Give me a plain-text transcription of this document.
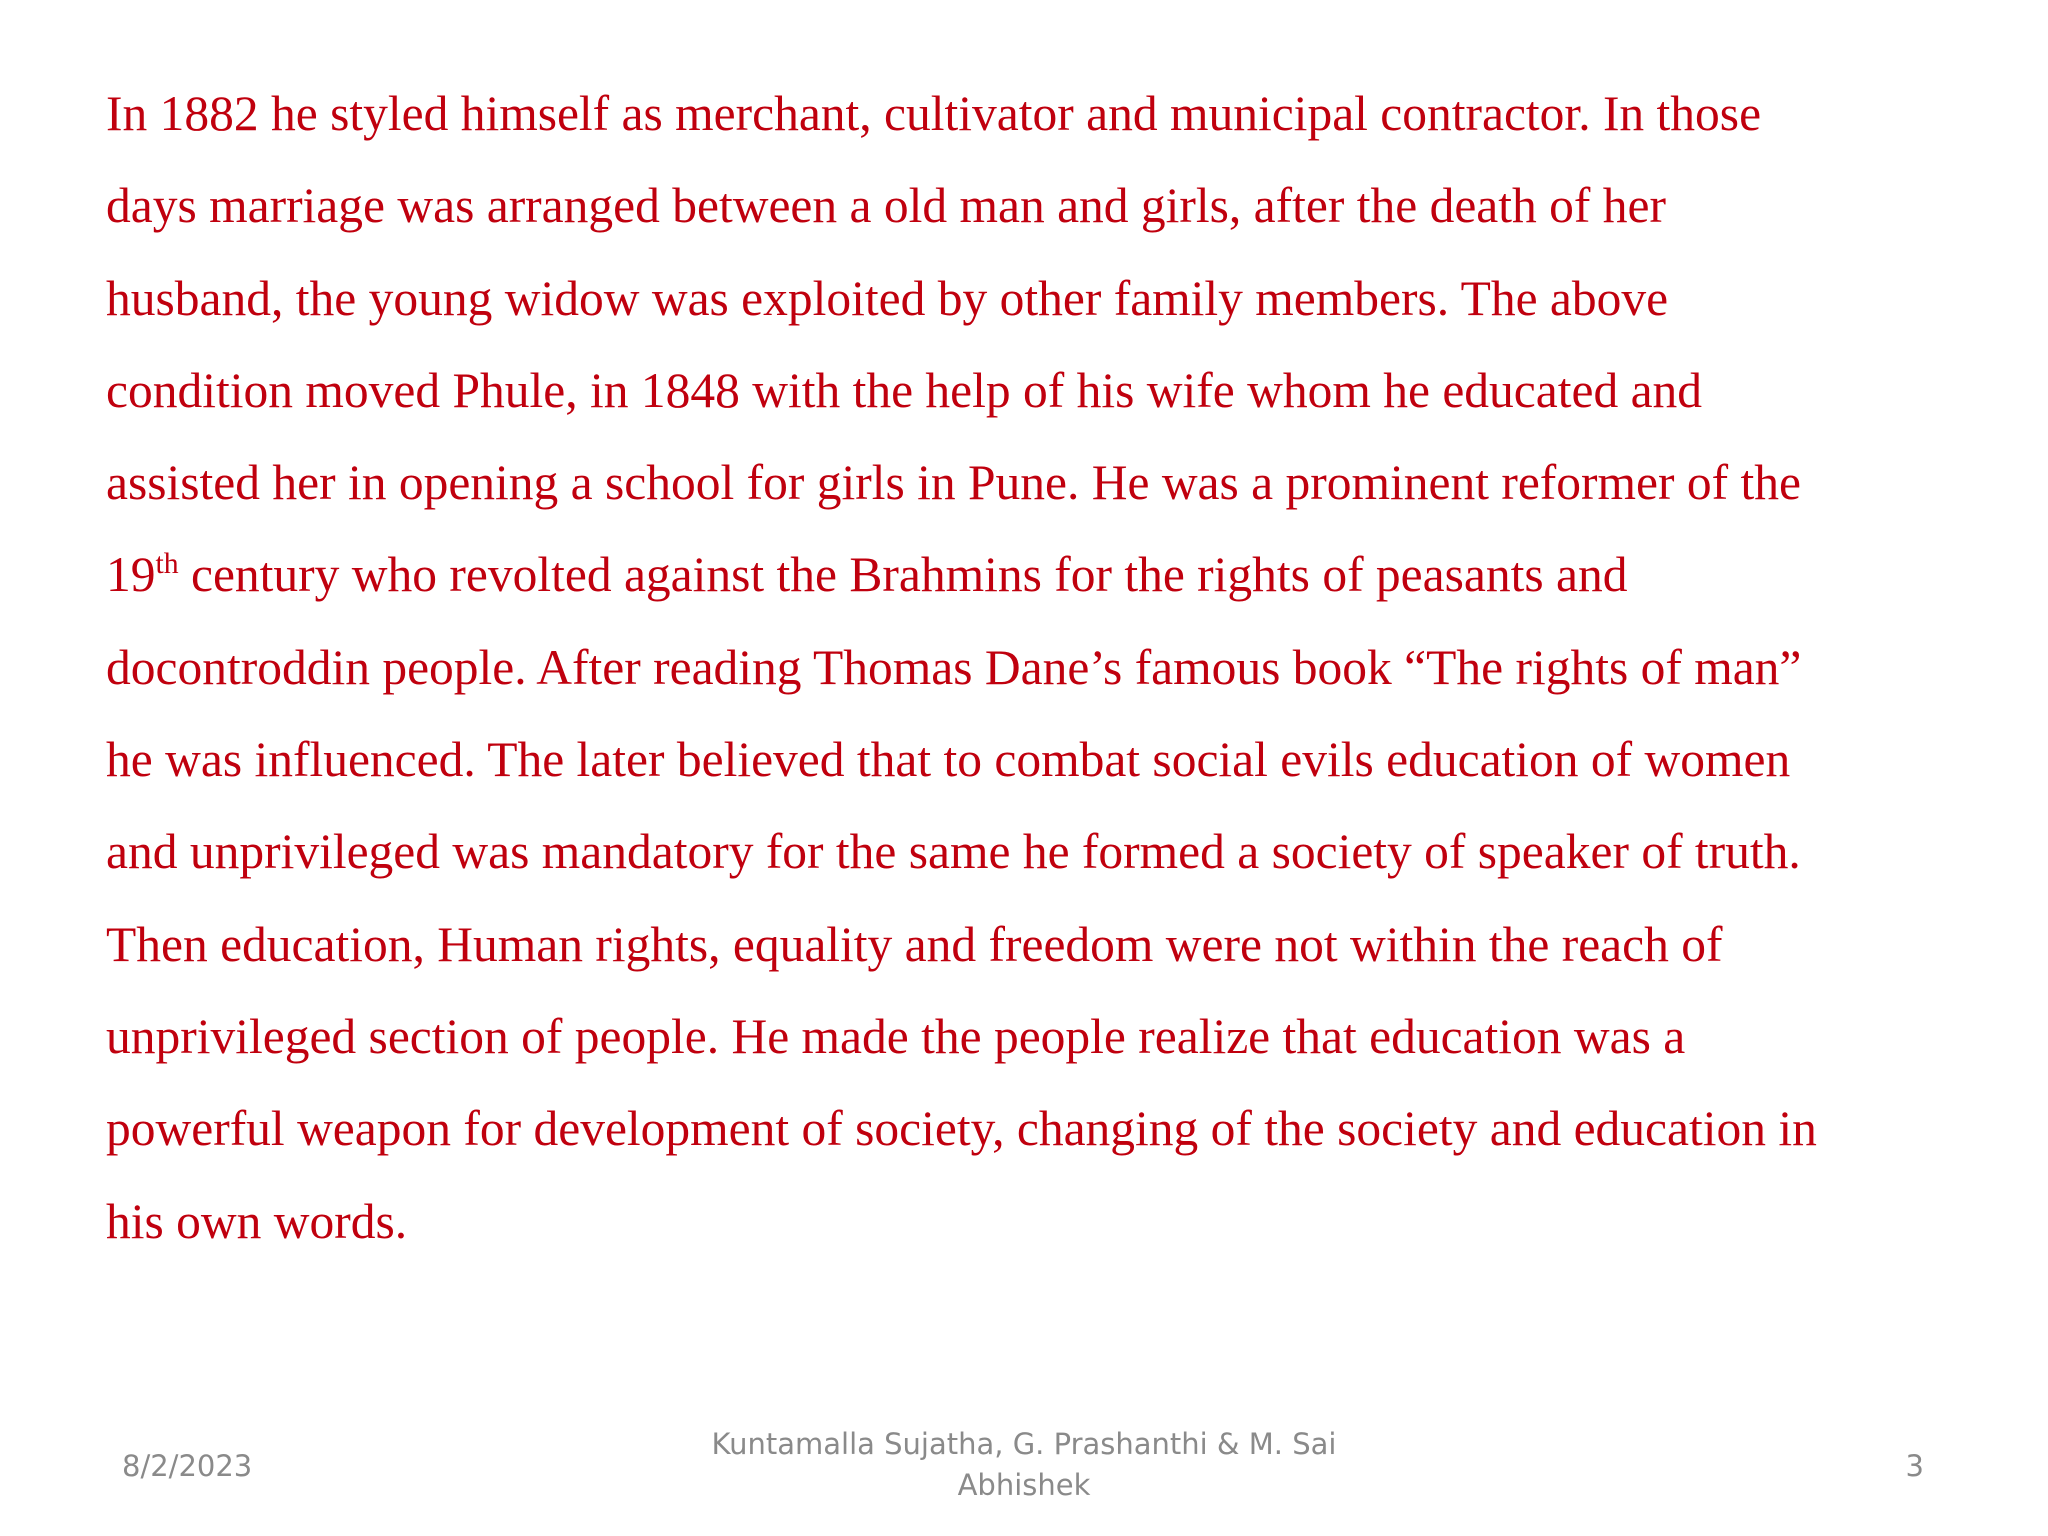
In 1882 he styled himself as merchant, cultivator and municipal contractor. In those
days marriage was arranged between a old man and girls, after the death of her
husband, the young widow was exploited by other family members. The above
condition moved Phule, in 1848 with the help of his wife whom he educated and
assisted her in opening a school for girls in Pune. He was a prominent reformer of the
19th century who revolted against the Brahmins for the rights of peasants and
docontroddin people. After reading Thomas Dane’s famous book “The rights of man”
he was influenced. The later believed that to combat social evils education of women
and unprivileged was mandatory for the same he formed a society of speaker of truth.
Then education, Human rights, equality and freedom were not within the reach of
unprivileged section of people. He made the people realize that education was a
powerful weapon for development of society, changing of the society and education in
his own words.

8/2/2023
Kuntamalla Sujatha, G. Prashanthi & M. Sai
Abhishek
3
